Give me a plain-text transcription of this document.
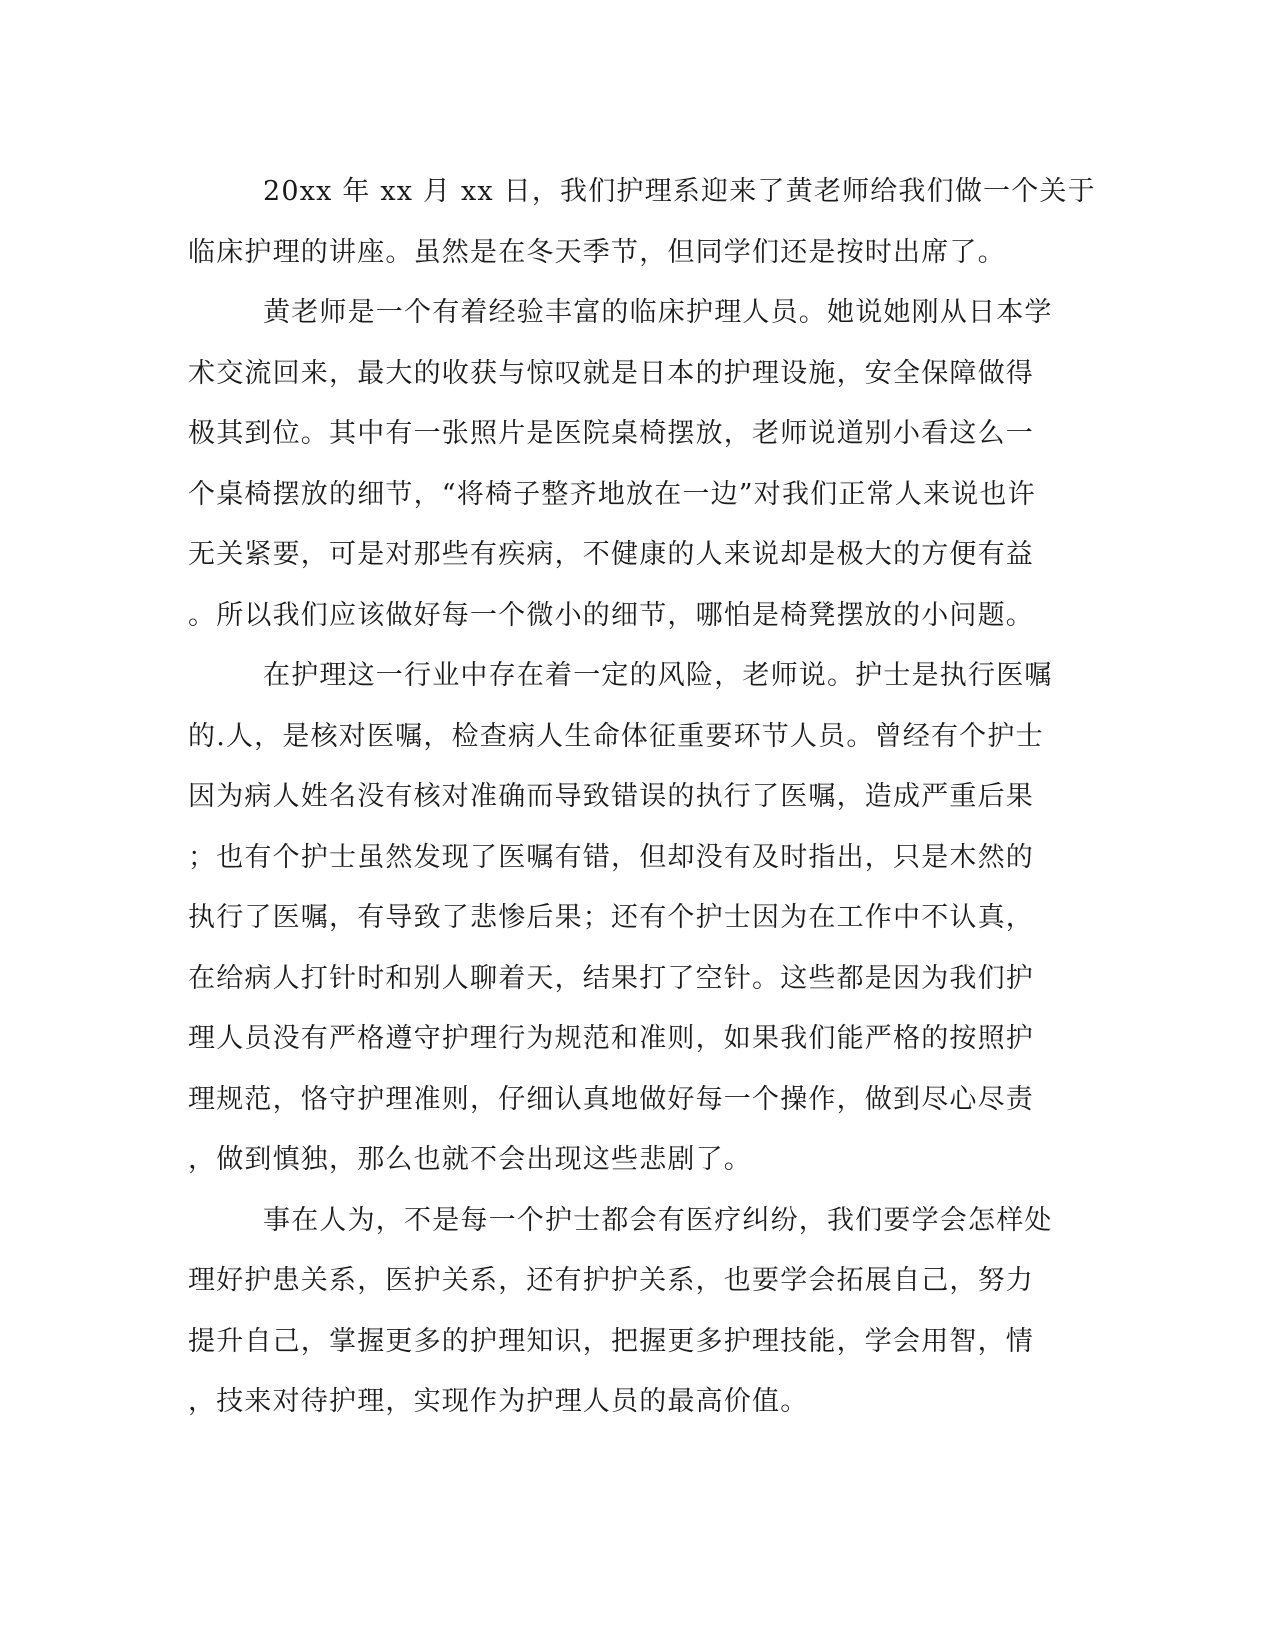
20xx 年 xx 月 xx 日，我们护理系迎来了黄老师给我们做一个关于
临床护理的讲座。虽然是在冬天季节，但同学们还是按时出席了。
黄老师是一个有着经验丰富的临床护理人员。她说她刚从日本学
术交流回来，最大的收获与惊叹就是日本的护理设施，安全保障做得
极其到位。其中有一张照片是医院桌椅摆放，老师说道别小看这么一
个桌椅摆放的细节，“将椅子整齐地放在一边”对我们正常人来说也许
无关紧要，可是对那些有疾病，不健康的人来说却是极大的方便有益
。所以我们应该做好每一个微小的细节，哪怕是椅凳摆放的小问题。
在护理这一行业中存在着一定的风险，老师说。护士是执行医嘱
的.人，是核对医嘱，检查病人生命体征重要环节人员。曾经有个护士
因为病人姓名没有核对准确而导致错误的执行了医嘱，造成严重后果
；也有个护士虽然发现了医嘱有错，但却没有及时指出，只是木然的
执行了医嘱，有导致了悲惨后果；还有个护士因为在工作中不认真，
在给病人打针时和别人聊着天，结果打了空针。这些都是因为我们护
理人员没有严格遵守护理行为规范和准则，如果我们能严格的按照护
理规范，恪守护理准则，仔细认真地做好每一个操作，做到尽心尽责
，做到慎独，那么也就不会出现这些悲剧了。
事在人为，不是每一个护士都会有医疗纠纷，我们要学会怎样处
理好护患关系，医护关系，还有护护关系，也要学会拓展自己，努力
提升自己，掌握更多的护理知识，把握更多护理技能，学会用智，情
，技来对待护理，实现作为护理人员的最高价值。
